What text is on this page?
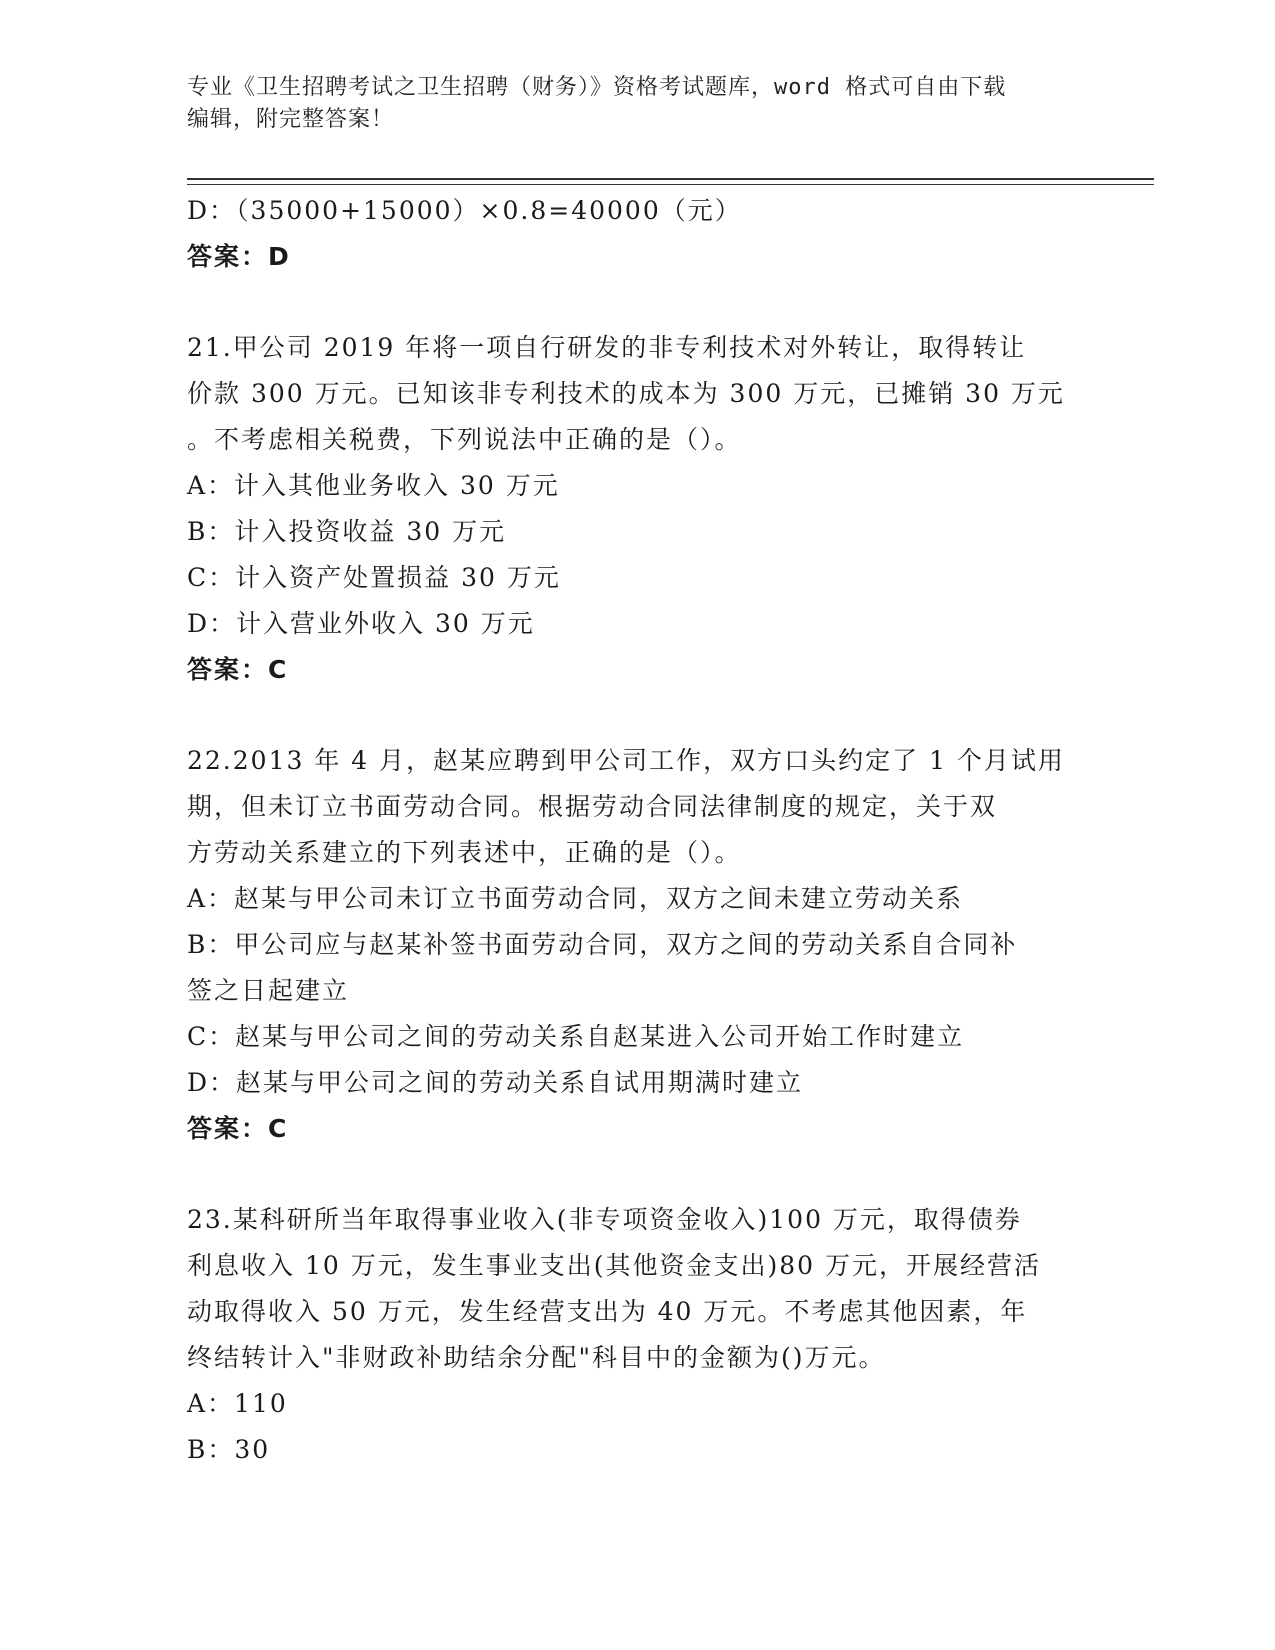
专业《卫生招聘考试之卫生招聘（财务）》资格考试题库，word 格式可自由下载
编辑，附完整答案！
D：（35000+15000）×0.8=40000（元）
答案：D
21.甲公司 2019 年将一项自行研发的非专利技术对外转让，取得转让
价款 300 万元。已知该非专利技术的成本为 300 万元，已摊销 30 万元
。不考虑相关税费，下列说法中正确的是（）。
A：计入其他业务收入 30 万元
B：计入投资收益 30 万元
C：计入资产处置损益 30 万元
D：计入营业外收入 30 万元
答案：C
22.2013 年 4 月，赵某应聘到甲公司工作，双方口头约定了 1 个月试用
期，但未订立书面劳动合同。根据劳动合同法律制度的规定，关于双
方劳动关系建立的下列表述中，正确的是（）。
A：赵某与甲公司未订立书面劳动合同，双方之间未建立劳动关系
B：甲公司应与赵某补签书面劳动合同，双方之间的劳动关系自合同补
签之日起建立
C：赵某与甲公司之间的劳动关系自赵某进入公司开始工作时建立
D：赵某与甲公司之间的劳动关系自试用期满时建立
答案：C
23.某科研所当年取得事业收入(非专项资金收入)100 万元，取得债券
利息收入 10 万元，发生事业支出(其他资金支出)80 万元，开展经营活
动取得收入 50 万元，发生经营支出为 40 万元。不考虑其他因素，年
终结转计入"非财政补助结余分配"科目中的金额为()万元。
A：110
B：30
